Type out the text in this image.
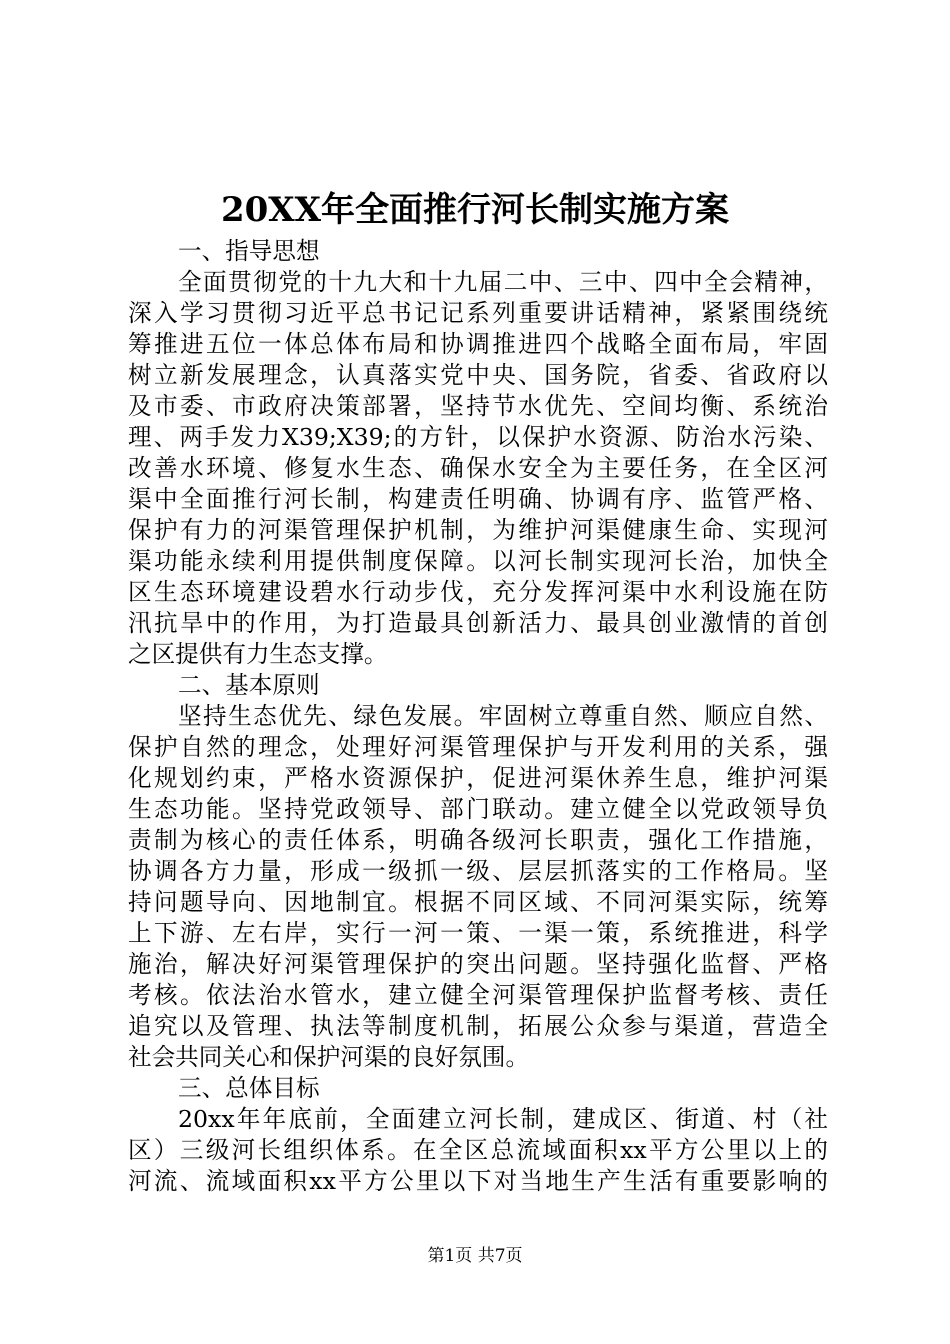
20XX年全面推行河长制实施方案
一、指导思想
全面贯彻党的十九大和十九届二中、三中、四中全会精神，
深入学习贯彻习近平总书记记系列重要讲话精神，紧紧围绕统
筹推进五位一体总体布局和协调推进四个战略全面布局，牢固
树立新发展理念，认真落实党中央、国务院，省委、省政府以
及市委、市政府决策部署，坚持节水优先、空间均衡、系统治
理、两手发力X39;X39;的方针，以保护水资源、防治水污染、
改善水环境、修复水生态、确保水安全为主要任务，在全区河
渠中全面推行河长制，构建责任明确、协调有序、监管严格、
保护有力的河渠管理保护机制，为维护河渠健康生命、实现河
渠功能永续利用提供制度保障。以河长制实现河长治，加快全
区生态环境建设碧水行动步伐，充分发挥河渠中水利设施在防
汛抗旱中的作用，为打造最具创新活力、最具创业激情的首创
之区提供有力生态支撑。
二、基本原则
坚持生态优先、绿色发展。牢固树立尊重自然、顺应自然、
保护自然的理念，处理好河渠管理保护与开发利用的关系，强
化规划约束，严格水资源保护，促进河渠休养生息，维护河渠
生态功能。坚持党政领导、部门联动。建立健全以党政领导负
责制为核心的责任体系，明确各级河长职责，强化工作措施，
协调各方力量，形成一级抓一级、层层抓落实的工作格局。坚
持问题导向、因地制宜。根据不同区域、不同河渠实际，统筹
上下游、左右岸，实行一河一策、一渠一策，系统推进，科学
施治，解决好河渠管理保护的突出问题。坚持强化监督、严格
考核。依法治水管水，建立健全河渠管理保护监督考核、责任
追究以及管理、执法等制度机制，拓展公众参与渠道，营造全
社会共同关心和保护河渠的良好氛围。
三、总体目标
20xx年年底前，全面建立河长制，建成区、街道、村（社
区）三级河长组织体系。在全区总流域面积xx平方公里以上的
河流、流域面积xx平方公里以下对当地生产生活有重要影响的
第1页 共7页
